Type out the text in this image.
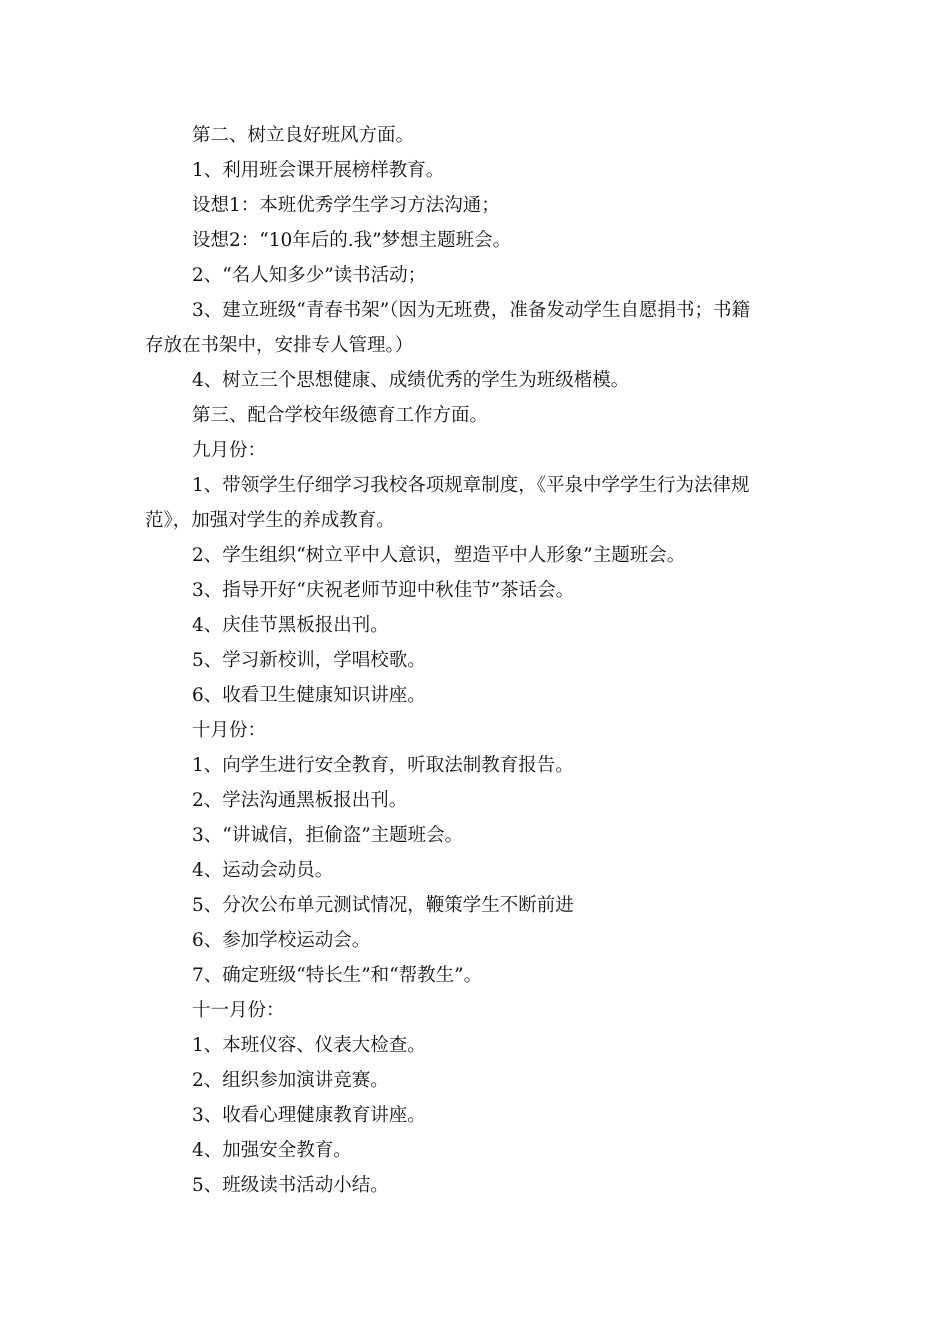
第二、树立良好班风方面。
1、利用班会课开展榜样教育。
设想1：本班优秀学生学习方法沟通；
设想2：“10年后的.我”梦想主题班会。
2、“名人知多少”读书活动；
3、建立班级“青春书架”（因为无班费，准备发动学生自愿捐书；书籍
存放在书架中，安排专人管理。）
4、树立三个思想健康、成绩优秀的学生为班级楷模。
第三、配合学校年级德育工作方面。
九月份：
1、带领学生仔细学习我校各项规章制度，《平泉中学学生行为法律规
范》，加强对学生的养成教育。
2、学生组织“树立平中人意识，塑造平中人形象”主题班会。
3、指导开好“庆祝老师节迎中秋佳节”茶话会。
4、庆佳节黑板报出刊。
5、学习新校训，学唱校歌。
6、收看卫生健康知识讲座。
十月份：
1、向学生进行安全教育，听取法制教育报告。
2、学法沟通黑板报出刊。
3、“讲诚信，拒偷盗”主题班会。
4、运动会动员。
5、分次公布单元测试情况，鞭策学生不断前进
6、参加学校运动会。
7、确定班级“特长生”和“帮教生”。
十一月份：
1、本班仪容、仪表大检查。
2、组织参加演讲竞赛。
3、收看心理健康教育讲座。
4、加强安全教育。
5、班级读书活动小结。
